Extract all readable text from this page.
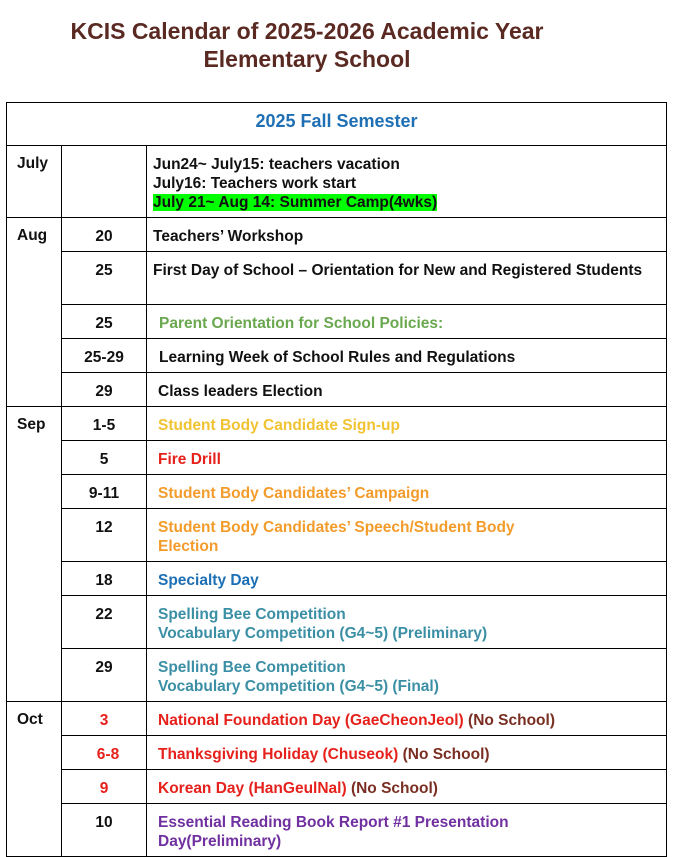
KCIS Calendar of 2025-2026 Academic Year
Elementary School
2025 Fall Semester		
July		Jun24~ July15: teachers vacation
July16: Teachers work start
July 21~ Aug 14: Summer Camp(4wks)
Aug	20	Teachers’ Workshop
	25	First Day of School – Orientation for New and Registered Students
	25	Parent Orientation for School Policies:
	25-29	Learning Week of School Rules and Regulations
	29	Class leaders Election
Sep	1-5	Student Body Candidate Sign-up
	5	Fire Drill
	9-11	Student Body Candidates’ Campaign
	12	Student Body Candidates’ Speech/Student Body Election
	18	Specialty Day
	22	Spelling Bee Competition
Vocabulary Competition (G4~5) (Preliminary)

	29	Spelling Bee Competition
Vocabulary Competition (G4~5) (Final)

Oct	3	National Foundation Day (GaeCheonJeol) (No School)
	6-8	Thanksgiving Holiday (Chuseok) (No School)
	9	Korean Day (HanGeulNal) (No School)
	10	Essential Reading Book Report #1 Presentation Day(Preliminary)
